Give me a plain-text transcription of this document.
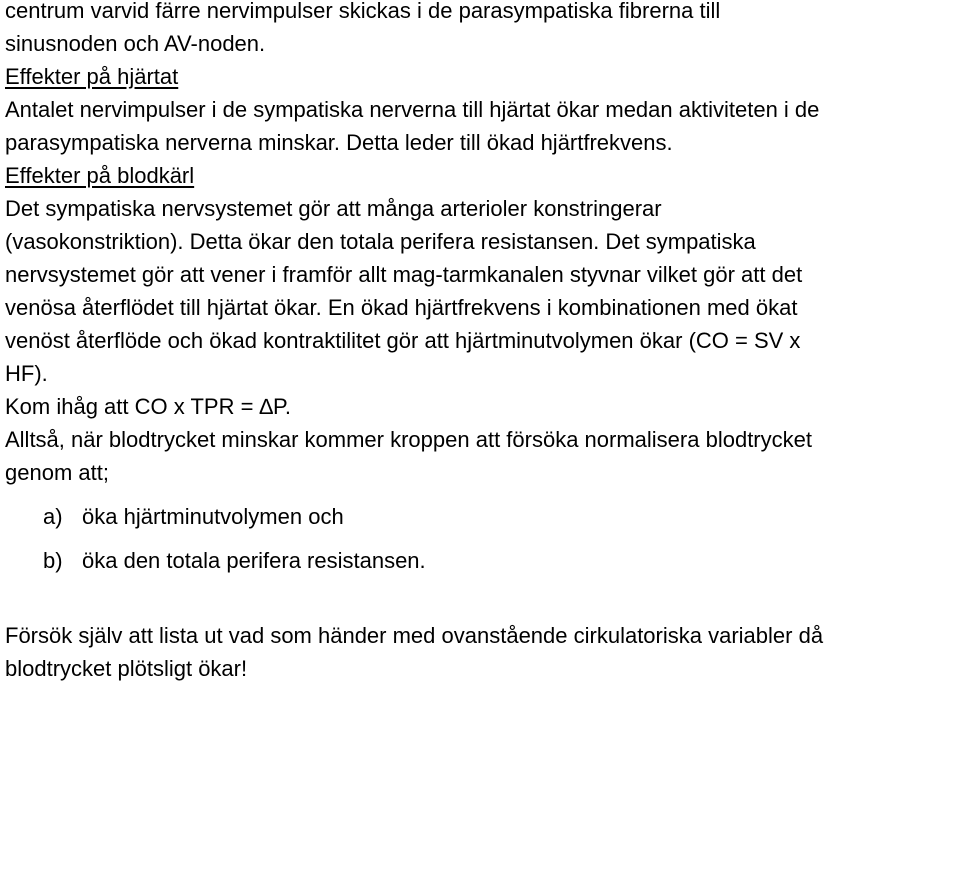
centrum varvid färre nervimpulser skickas i de parasympatiska fibrerna till
sinusnoden och AV-noden.
Effekter på hjärtat
Antalet nervimpulser i de sympatiska nerverna till hjärtat ökar medan aktiviteten i de
parasympatiska nerverna minskar. Detta leder till ökad hjärtfrekvens.
Effekter på blodkärl
Det sympatiska nervsystemet gör att många arterioler konstringerar
(vasokonstriktion). Detta ökar den totala perifera resistansen. Det sympatiska
nervsystemet gör att vener i framför allt mag-tarmkanalen styvnar vilket gör att det
venösa återflödet till hjärtat ökar. En ökad hjärtfrekvens i kombinationen med ökat
venöst återflöde och ökad kontraktilitet gör att hjärtminutvolymen ökar (CO = SV x
HF).
Kom ihåg att CO x TPR = ∆P.
Alltså, när blodtrycket minskar kommer kroppen att försöka normalisera blodtrycket
genom att;
a) öka hjärtminutvolymen och
b) öka den totala perifera resistansen.
Försök själv att lista ut vad som händer med ovanstående cirkulatoriska variabler då
blodtrycket plötsligt ökar!
